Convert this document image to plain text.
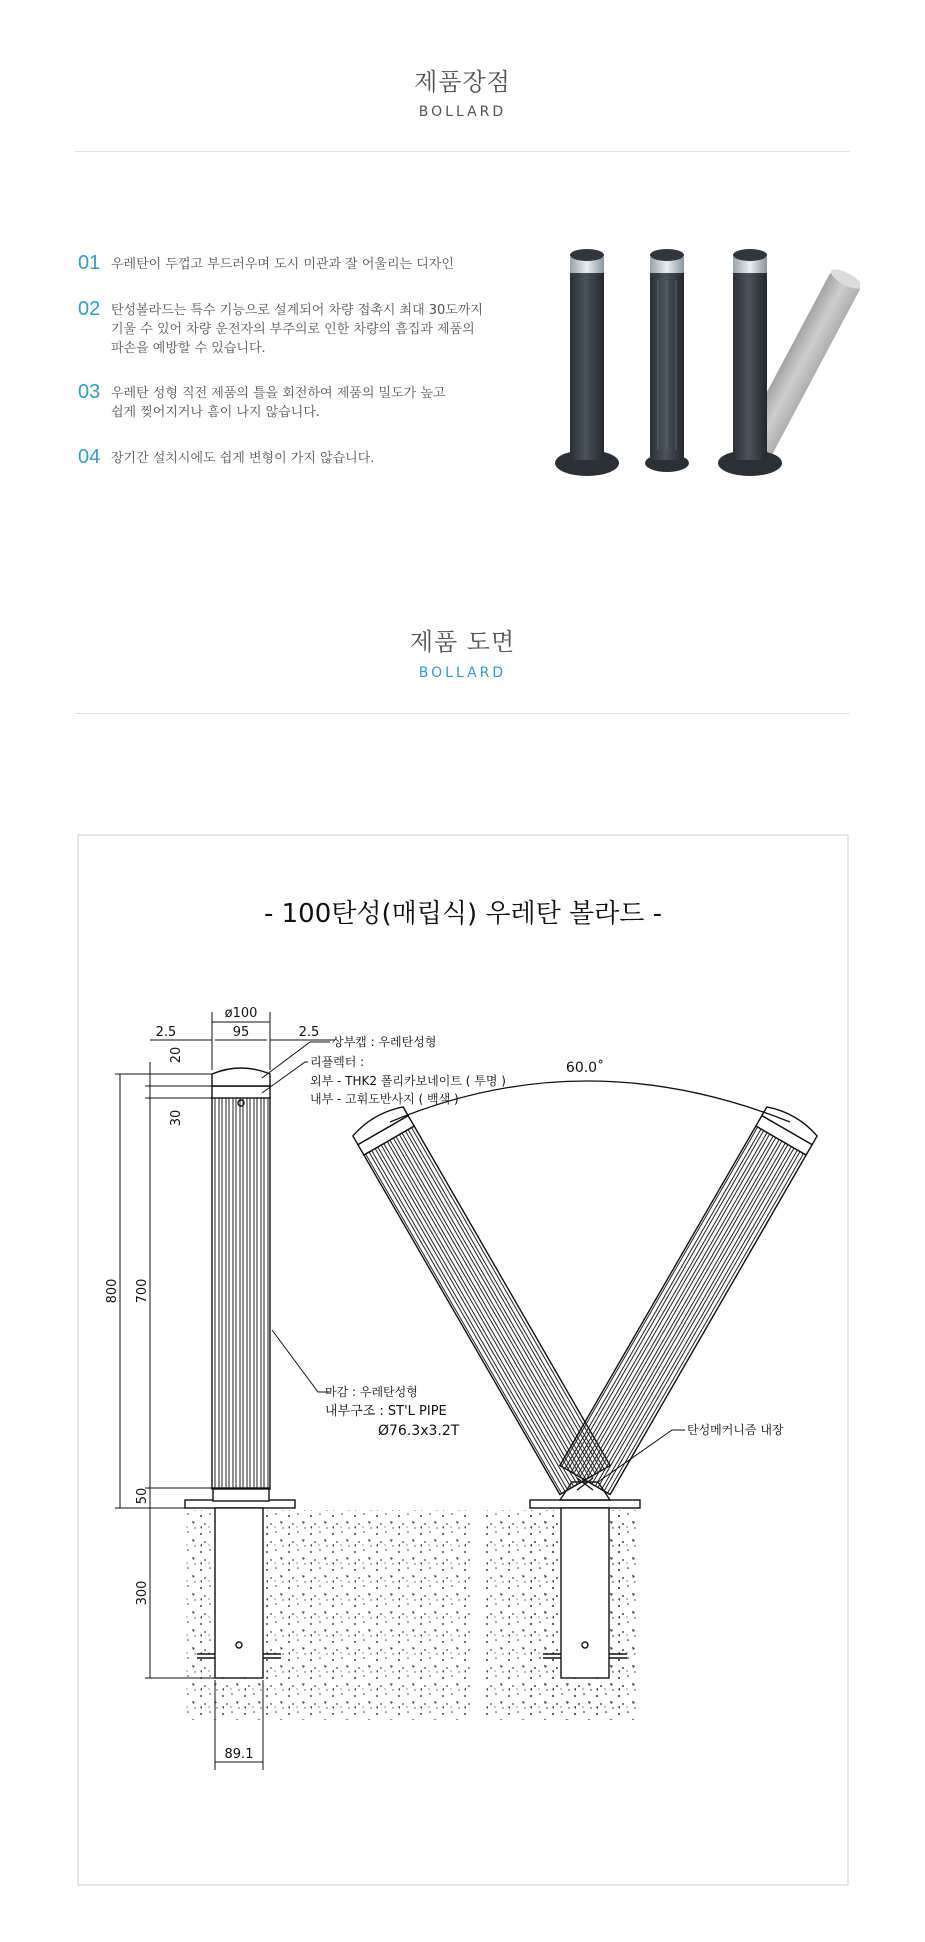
제품장점
BOLLARD
01 우레탄이 두껍고 부드러우며 도시 미관과 잘 어울리는 디자인
02 탄성볼라드는 특수 기능으로 설계되어 차량 접촉시 최대 30도까지
기울 수 있어 차량 운전자의 부주의로 인한 차량의 흠집과 제품의
파손을 예방할 수 있습니다.
03 우레탄 성형 직전 제품의 틀을 회전하여 제품의 밀도가 높고
쉽게 찢어지거나 흠이 나지 않습니다.
04 장기간 설치시에도 쉽게 변형이 가지 않습니다.
제품 도면
BOLLARD
- 100탄성(매립식) 우레탄 볼라드 -
60.0˚
ø100
95
2.5	2.5
20
30
800 700
50
300
89.1
상부캡 : 우레탄성형
리플렉터 :
외부 - THK2 폴리카보네이트 ( 투명 )
내부 - 고휘도반사지 ( 백색 )
마감 : 우레탄성형
내부구조 : ST'L PIPE
Ø76.3x3.2T	탄성메커니즘 내장
